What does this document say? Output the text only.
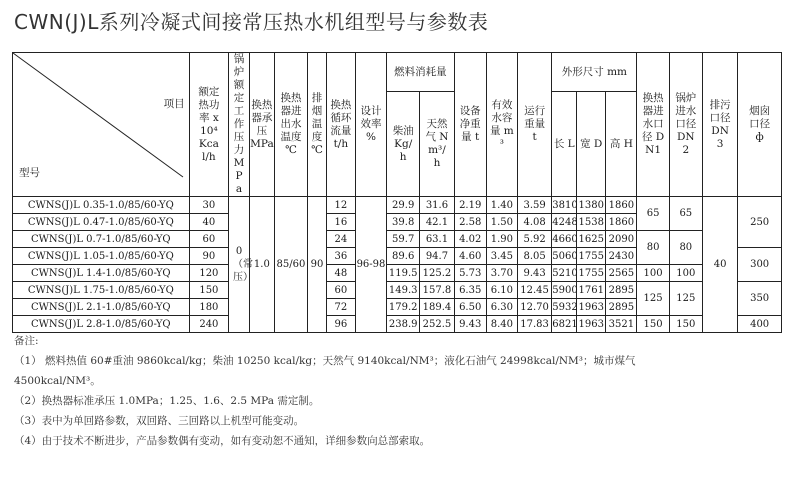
CWN(J)L系列冷凝式间接常压热水机组型号与参数表
项目
型号	额定热功率 x10⁴ Kcal/h	锅炉额定工作压力 MPa	换热器承压 MPa	换热器进出水温度 ℃	排烟温度 ℃	换热循环流量 t/h	设计效率 %	燃料消耗量		设备净重量 t	有效水容量 m³	运行重量 t	外形尺寸 mm			换热器进水口径 DN1	锅炉进水口径 DN2	排污口径 DN3	烟囱口径 ф
								柴油 Kg/h	天然气 Nm³/h				长 L	宽 D	高 H				
CWNS(J)L 0.35-1.0/85/60-YQ	30	0（常压）	1.0	85/60	90	12	96-98	29.9	31.6	2.19	1.40	3.59	3810	1380	1860	65	65	40	250
CWNS(J)L 0.47-1.0/85/60-YQ	40					16		39.8	42.1	2.58	1.50	4.08	4248	1538	1860				
CWNS(J)L 0.7-1.0/85/60-YQ	60					24		59.7	63.1	4.02	1.90	5.92	4660	1625	2090	80	80		
CWNS(J)L 1.05-1.0/85/60-YQ	90					36		89.6	94.7	4.60	3.45	8.05	5060	1755	2430				300
CWNS(J)L 1.4-1.0/85/60-YQ	120					48		119.5	125.2	5.73	3.70	9.43	5210	1755	2565	100	100		
CWNS(J)L 1.75-1.0/85/60-YQ	150					60		149.3	157.8	6.35	6.10	12.45	5900	1761	2895	125	125		350
CWNS(J)L 2.1-1.0/85/60-YQ	180					72		179.2	189.4	6.50	6.30	12.70	5932	1963	2895				
CWNS(J)L 2.8-1.0/85/60-YQ	240					96		238.9	252.5	9.43	8.40	17.83	6821	1963	3521	150	150		400
备注:
（1） 燃料热值 60#重油 9860kcal/kg；柴油 10250 kcal/kg；天然气 9140kcal/NM³；液化石油气 24998kcal/NM³；城市煤气
4500kcal/NM³。
（2）换热器标准承压 1.0MPa；1.25、1.6、2.5 MPa 需定制。
（3）表中为单回路参数，双回路、三回路以上机型可能变动。
（4）由于技术不断进步，产品参数偶有变动，如有变动恕不通知，详细参数向总部索取。
